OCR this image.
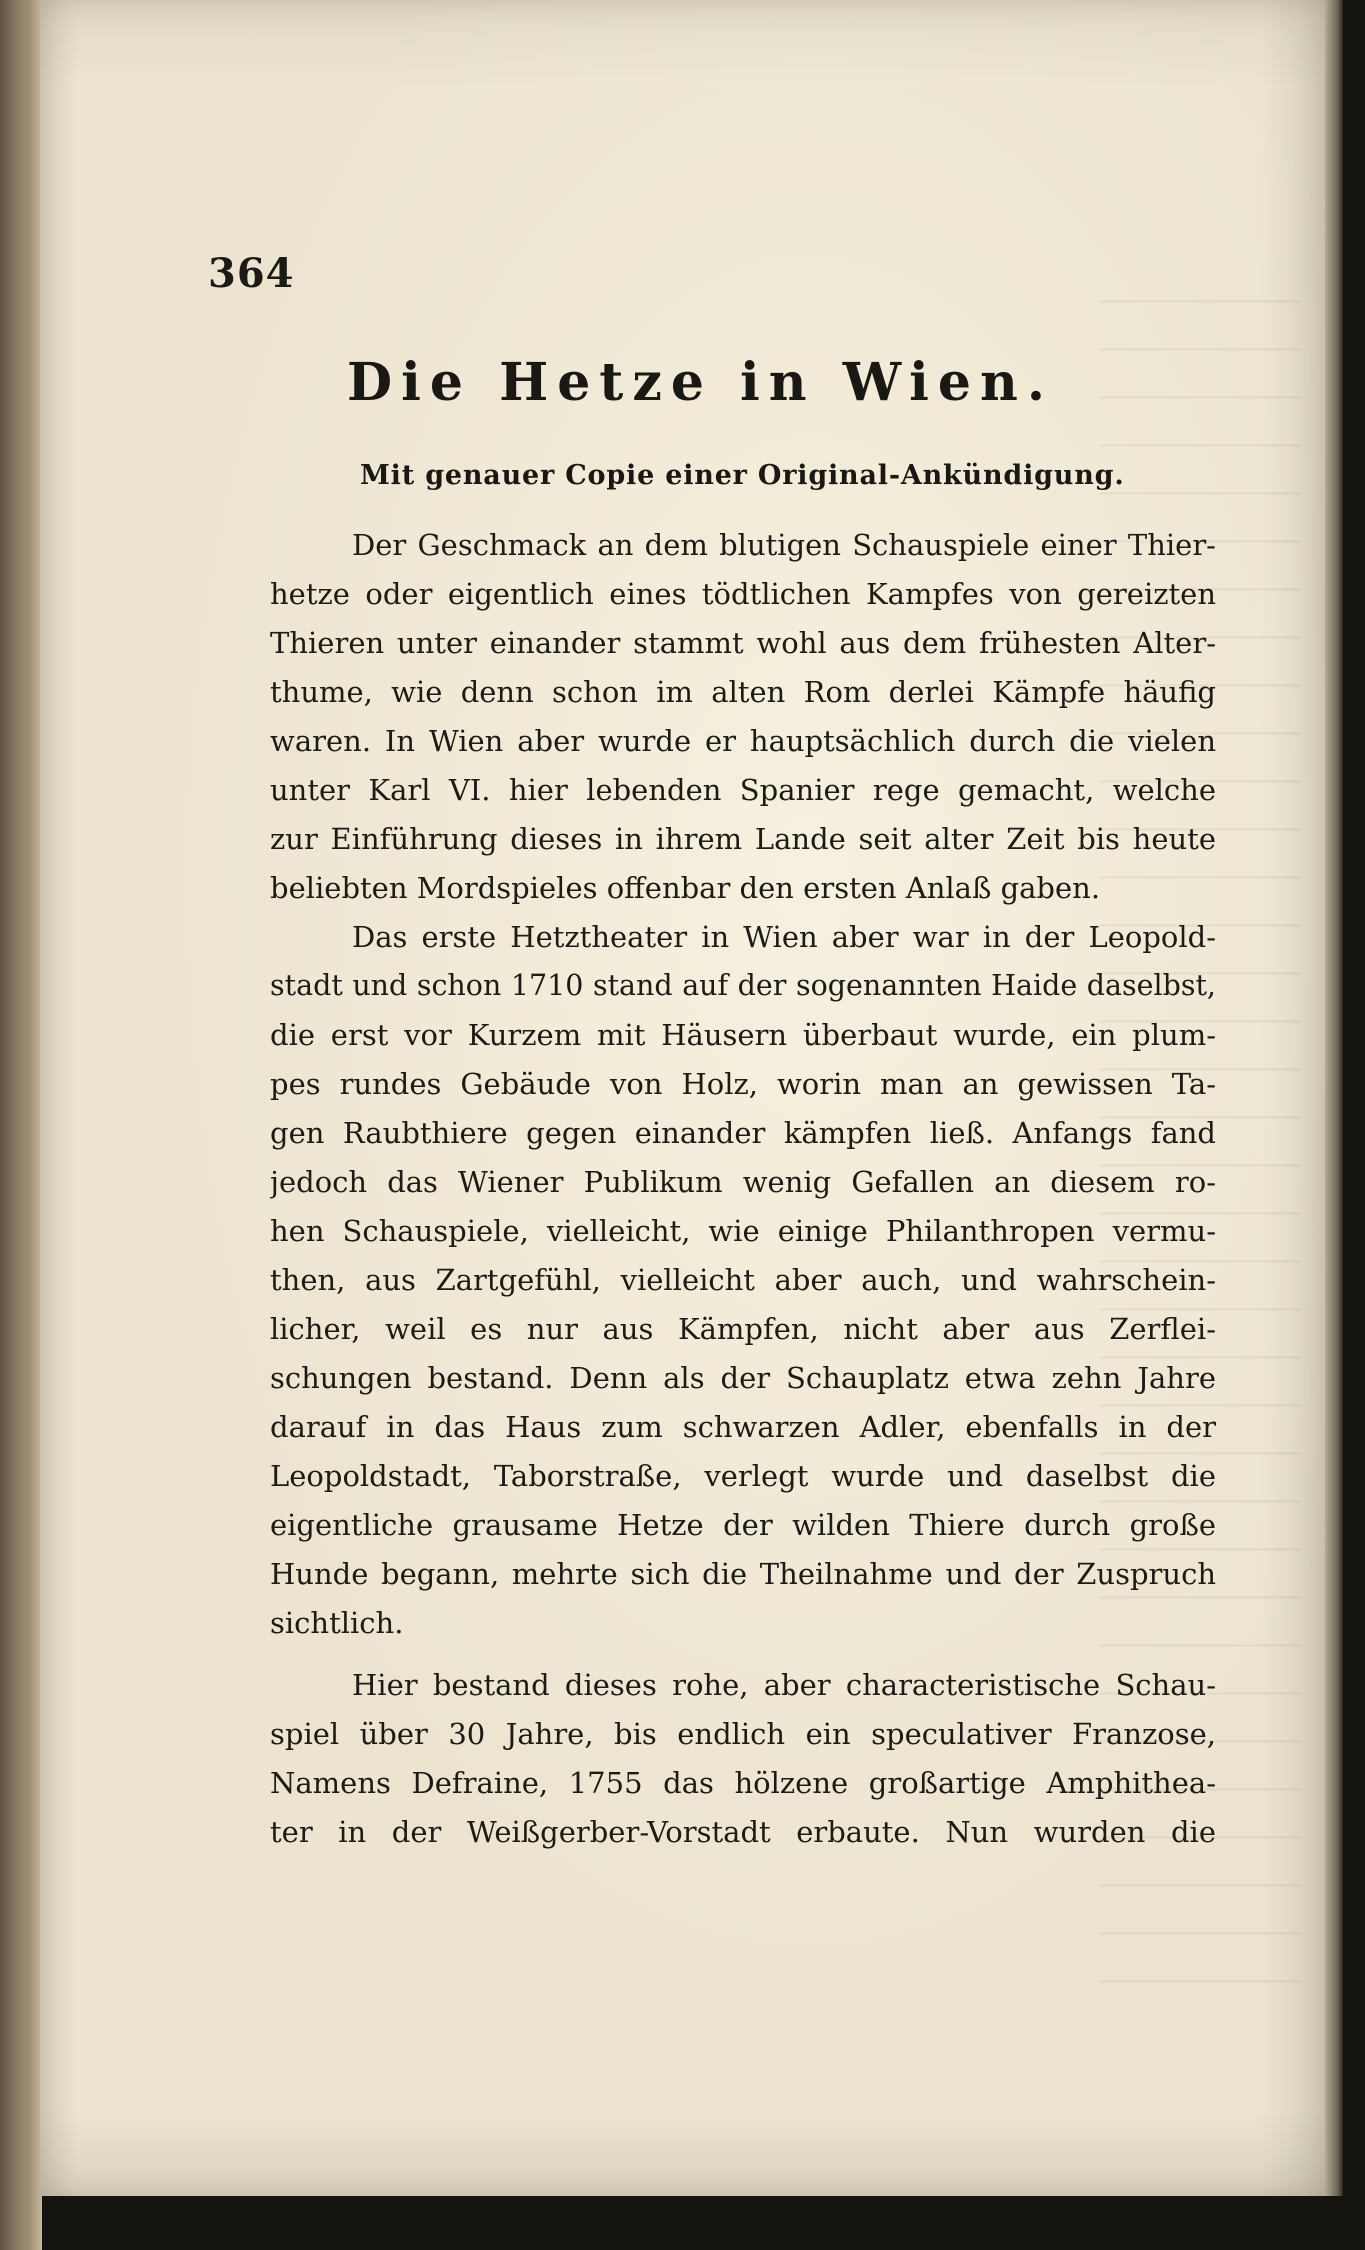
364

Die Hetze in Wien.

Mit genauer Copie einer Original-Ankündigung.

Der Geschmack an dem blutigen Schauspiele einer Thier-
hetze oder eigentlich eines tödtlichen Kampfes von gereizten
Thieren unter einander stammt wohl aus dem frühesten Alter-
thume, wie denn schon im alten Rom derlei Kämpfe häufig
waren. In Wien aber wurde er hauptsächlich durch die vielen
unter Karl VI. hier lebenden Spanier rege gemacht, welche
zur Einführung dieses in ihrem Lande seit alter Zeit bis heute
beliebten Mordspieles offenbar den ersten Anlaß gaben.
Das erste Hetztheater in Wien aber war in der Leopold-
stadt und schon 1710 stand auf der sogenannten Haide daselbst,
die erst vor Kurzem mit Häusern überbaut wurde, ein plum-
pes rundes Gebäude von Holz, worin man an gewissen Ta-
gen Raubthiere gegen einander kämpfen ließ. Anfangs fand
jedoch das Wiener Publikum wenig Gefallen an diesem ro-
hen Schauspiele, vielleicht, wie einige Philanthropen vermu-
then, aus Zartgefühl, vielleicht aber auch, und wahrschein-
licher, weil es nur aus Kämpfen, nicht aber aus Zerflei-
schungen bestand. Denn als der Schauplatz etwa zehn Jahre
darauf in das Haus zum schwarzen Adler, ebenfalls in der
Leopoldstadt, Taborstraße, verlegt wurde und daselbst die
eigentliche grausame Hetze der wilden Thiere durch große
Hunde begann, mehrte sich die Theilnahme und der Zuspruch
sichtlich.
Hier bestand dieses rohe, aber characteristische Schau-
spiel über 30 Jahre, bis endlich ein speculativer Franzose,
Namens Defraine, 1755 das hölzene großartige Amphithea-
ter in der Weißgerber-Vorstadt erbaute. Nun wurden die
